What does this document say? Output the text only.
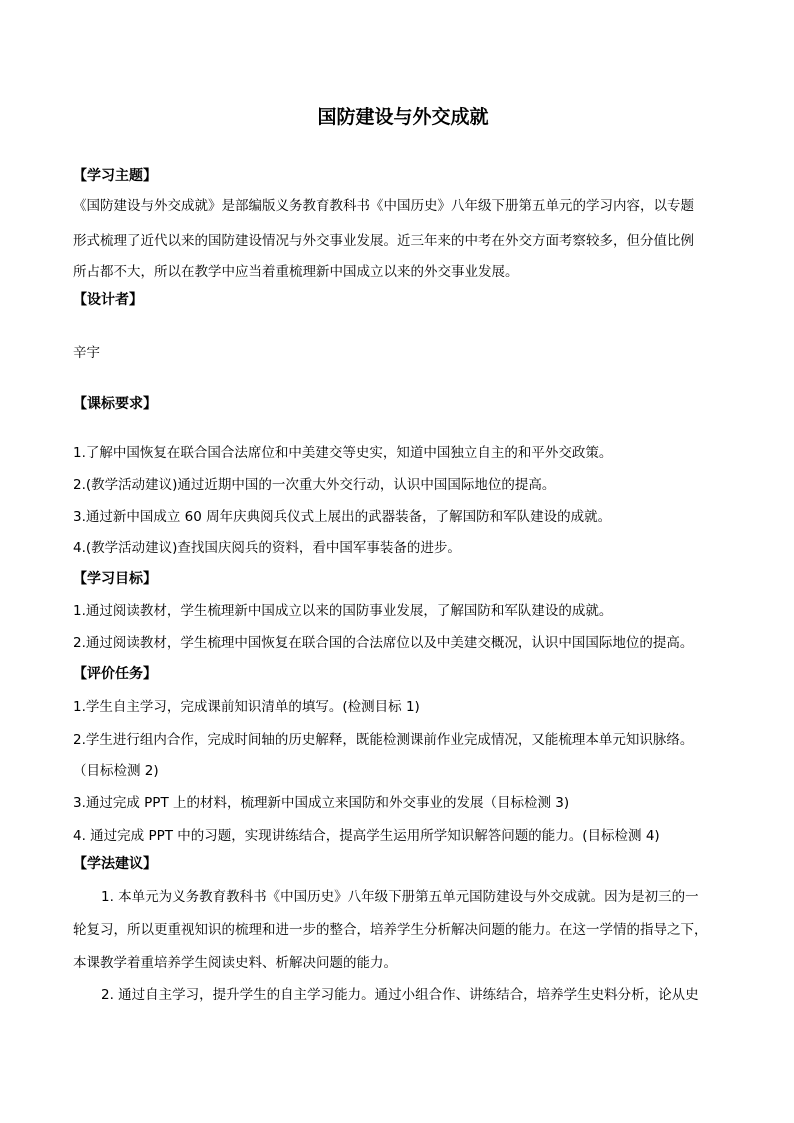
国防建设与外交成就
【学习主题】
《国防建设与外交成就》是部编版义务教育教科书《中国历史》八年级下册第五单元的学习内容，以专题
形式梳理了近代以来的国防建设情况与外交事业发展。近三年来的中考在外交方面考察较多，但分值比例
所占都不大，所以在教学中应当着重梳理新中国成立以来的外交事业发展。
【设计者】
辛宇
【课标要求】
1.了解中国恢复在联合国合法席位和中美建交等史实，知道中国独立自主的和平外交政策。
2.(教学活动建议)通过近期中国的一次重大外交行动，认识中国国际地位的提高。
3.通过新中国成立 60 周年庆典阅兵仪式上展出的武器装备，了解国防和军队建设的成就。
4.(教学活动建议)查找国庆阅兵的资料，看中国军事装备的进步。
【学习目标】
1.通过阅读教材，学生梳理新中国成立以来的国防事业发展，了解国防和军队建设的成就。
2.通过阅读教材，学生梳理中国恢复在联合国的合法席位以及中美建交概况，认识中国国际地位的提高。
【评价任务】
1.学生自主学习，完成课前知识清单的填写。(检测目标 1)
2.学生进行组内合作，完成时间轴的历史解释，既能检测课前作业完成情况，又能梳理本单元知识脉络。
（目标检测 2)
3.通过完成 PPT 上的材料，梳理新中国成立来国防和外交事业的发展（目标检测 3)
4. 通过完成 PPT 中的习题，实现讲练结合，提高学生运用所学知识解答问题的能力。(目标检测 4)
【学法建议】
1. 本单元为义务教育教科书《中国历史》八年级下册第五单元国防建设与外交成就。因为是初三的一
轮复习，所以更重视知识的梳理和进一步的整合，培养学生分析解决问题的能力。在这一学情的指导之下，
本课教学着重培养学生阅读史料、析解决问题的能力。
2. 通过自主学习，提升学生的自主学习能力。通过小组合作、讲练结合，培养学生史料分析，论从史
